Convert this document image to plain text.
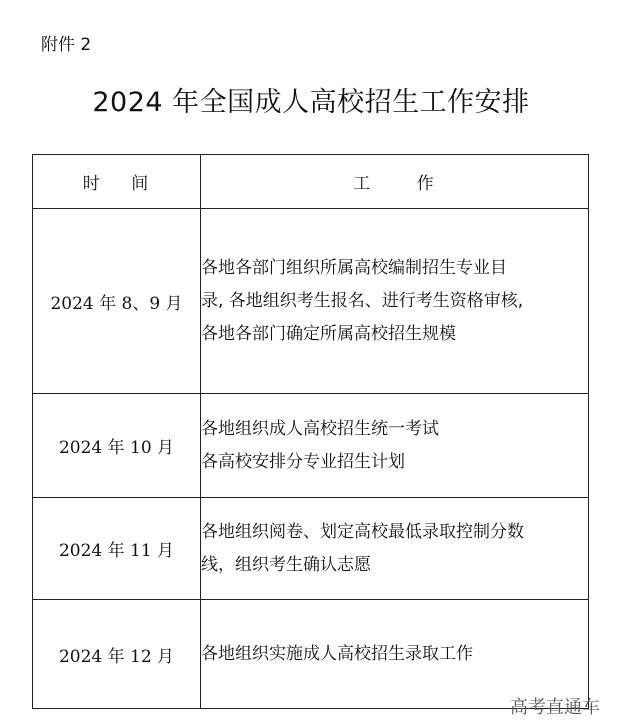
附件 2
2024 年全国成人高校招生工作安排
时    间	工      作
2024 年 8、9 月	各地各部门组织所属高校编制招生专业目
录, 各地组织考生报名、进行考生资格审核,
各地各部门确定所属高校招生规模

2024 年 10 月	各地组织成人高校招生统一考试
各高校安排分专业招生计划

2024 年 11 月	各地组织阅卷、划定高校最低录取控制分数
线，组织考生确认志愿

2024 年 12 月	各地组织实施成人高校招生录取工作
高考直通车
